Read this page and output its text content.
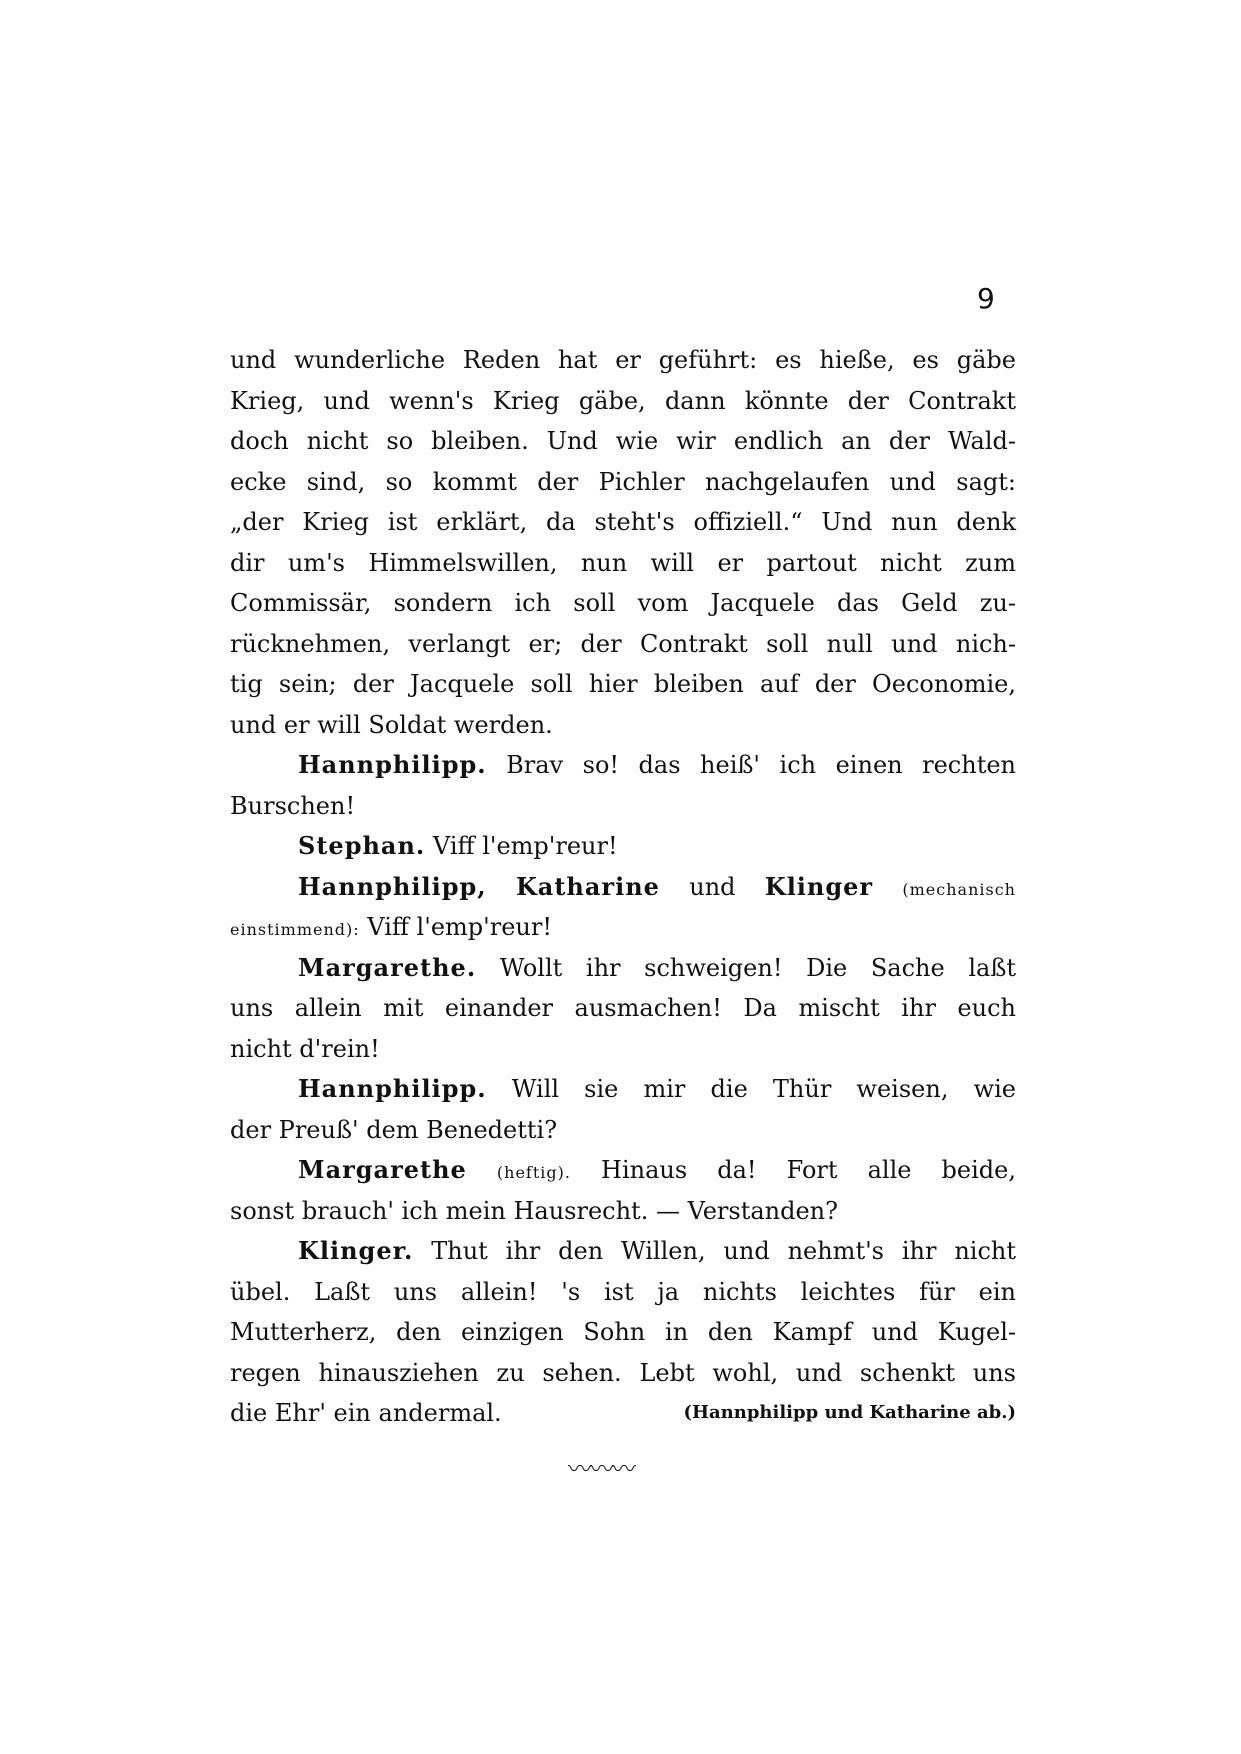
9
und wunderliche Reden hat er geführt: es hieße, es gäbe
Krieg, und wenn's Krieg gäbe, dann könnte der Contrakt
doch nicht so bleiben. Und wie wir endlich an der Wald-
ecke sind, so kommt der Pichler nachgelaufen und sagt:
„der Krieg ist erklärt, da steht's offiziell.“ Und nun denk
dir um's Himmelswillen, nun will er partout nicht zum
Commissär, sondern ich soll vom Jacquele das Geld zu-
rücknehmen, verlangt er; der Contrakt soll null und nich-
tig sein; der Jacquele soll hier bleiben auf der Oeconomie,
und er will Soldat werden.
Hannphilipp. Brav so! das heiß' ich einen rechten
Burschen!
Stephan. Viff l'emp'reur!
Hannphilipp, Katharine und Klinger (mechanisch
einstimmend): Viff l'emp'reur!
Margarethe. Wollt ihr schweigen! Die Sache laßt
uns allein mit einander ausmachen! Da mischt ihr euch
nicht d'rein!
Hannphilipp. Will sie mir die Thür weisen, wie
der Preuß' dem Benedetti?
Margarethe (heftig). Hinaus da! Fort alle beide,
sonst brauch' ich mein Hausrecht. — Verstanden?
Klinger. Thut ihr den Willen, und nehmt's ihr nicht
übel. Laßt uns allein! 's ist ja nichts leichtes für ein
Mutterherz, den einzigen Sohn in den Kampf und Kugel-
regen hinausziehen zu sehen. Lebt wohl, und schenkt uns
die Ehr' ein andermal.	(Hannphilipp und Katharine ab.)
〰〰〰
